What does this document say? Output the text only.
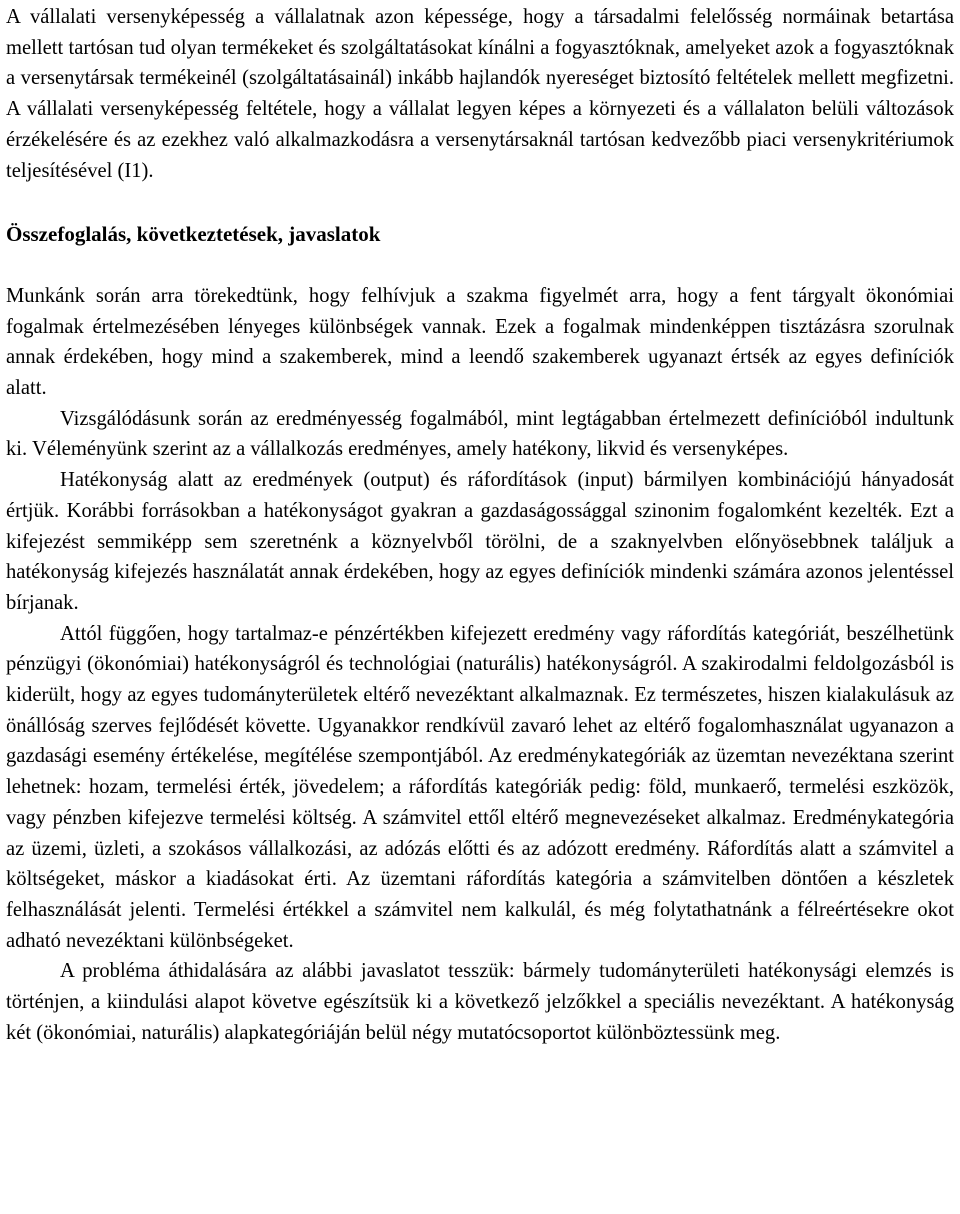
A vállalati versenyképesség a vállalatnak azon képessége, hogy a társadalmi felelősség normáinak betartása mellett tartósan tud olyan termékeket és szolgáltatásokat kínálni a fogyasztóknak, amelyeket azok a fogyasztóknak a versenytársak termékeinél (szolgáltatásainál) inkább hajlandók nyereséget biztosító feltételek mellett megfizetni. A vállalati versenyképesség feltétele, hogy a vállalat legyen képes a környezeti és a vállalaton belüli változások érzékelésére és az ezekhez való alkalmazkodásra a versenytársaknál tartósan kedvezőbb piaci versenykritériumok teljesítésével (I1).

Összefoglalás, következtetések, javaslatok

Munkánk során arra törekedtünk, hogy felhívjuk a szakma figyelmét arra, hogy a fent tárgyalt ökonómiai fogalmak értelmezésében lényeges különbségek vannak. Ezek a fogalmak mindenképpen tisztázásra szorulnak annak érdekében, hogy mind a szakemberek, mind a leendő szakemberek ugyanazt értsék az egyes definíciók alatt.

Vizsgálódásunk során az eredményesség fogalmából, mint legtágabban értelmezett definícióból indultunk ki. Véleményünk szerint az a vállalkozás eredményes, amely hatékony, likvid és versenyképes.

Hatékonyság alatt az eredmények (output) és ráfordítások (input) bármilyen kombinációjú hányadosát értjük. Korábbi forrásokban a hatékonyságot gyakran a gazdaságossággal szinonim fogalomként kezelték. Ezt a kifejezést semmiképp sem szeretnénk a köznyelvből törölni, de a szaknyelvben előnyösebbnek találjuk a hatékonyság kifejezés használatát annak érdekében, hogy az egyes definíciók mindenki számára azonos jelentéssel bírjanak.

Attól függően, hogy tartalmaz-e pénzértékben kifejezett eredmény vagy ráfordítás kategóriát, beszélhetünk pénzügyi (ökonómiai) hatékonyságról és technológiai (naturális) hatékonyságról. A szakirodalmi feldolgozásból is kiderült, hogy az egyes tudományterületek eltérő nevezéktant alkalmaznak. Ez természetes, hiszen kialakulásuk az önállóság szerves fejlődését követte. Ugyanakkor rendkívül zavaró lehet az eltérő fogalomhasználat ugyanazon a gazdasági esemény értékelése, megítélése szempontjából. Az eredménykategóriák az üzemtan nevezéktana szerint lehetnek: hozam, termelési érték, jövedelem; a ráfordítás kategóriák pedig: föld, munkaerő, termelési eszközök, vagy pénzben kifejezve termelési költség. A számvitel ettől eltérő megnevezéseket alkalmaz. Eredménykategória az üzemi, üzleti, a szokásos vállalkozási, az adózás előtti és az adózott eredmény. Ráfordítás alatt a számvitel a költségeket, máskor a kiadásokat érti. Az üzemtani ráfordítás kategória a számvitelben döntően a készletek felhasználását jelenti. Termelési értékkel a számvitel nem kalkulál, és még folytathatnánk a félreértésekre okot adható nevezéktani különbségeket.

A probléma áthidalására az alábbi javaslatot tesszük: bármely tudományterületi hatékonysági elemzés is történjen, a kiindulási alapot követve egészítsük ki a következő jelzőkkel a speciális nevezéktant. A hatékonyság két (ökonómiai, naturális) alapkategóriáján belül négy mutatócsoportot különböztessünk meg.
